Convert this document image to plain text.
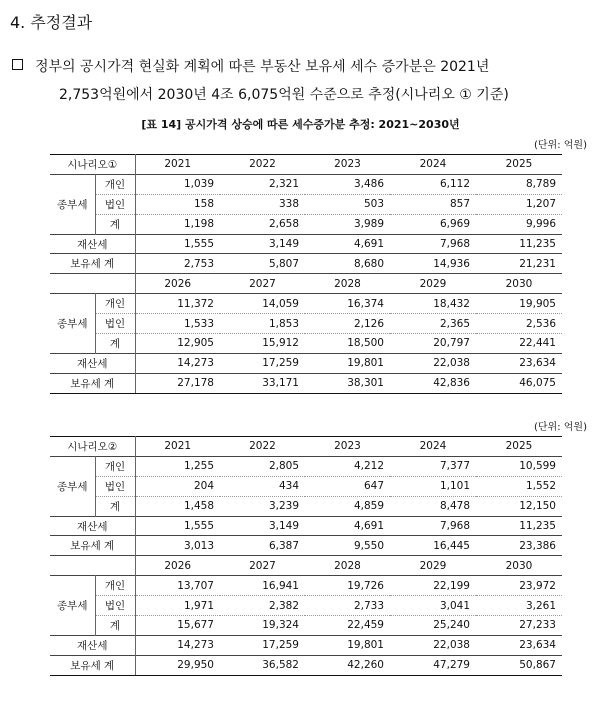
4. 추정결과
정부의 공시가격 현실화 계획에 따른 부동산 보유세 세수 증가분은 2021년
2,753억원에서 2030년 4조 6,075억원 수준으로 추정(시나리오 ① 기준)
[표 14] 공시가격 상승에 따른 세수증가분 추정: 2021~2030년
(단위: 억원)
시나리오①		2021	2022	2023	2024	2025
종부세	개인	1,039	2,321	3,486	6,112	8,789
	법인	158	338	503	857	1,207
	계	1,198	2,658	3,989	6,969	9,996
재산세		1,555	3,149	4,691	7,968	11,235
보유세 계		2,753	5,807	8,680	14,936	21,231
		2026	2027	2028	2029	2030
종부세	개인	11,372	14,059	16,374	18,432	19,905
	법인	1,533	1,853	2,126	2,365	2,536
	계	12,905	15,912	18,500	20,797	22,441
재산세		14,273	17,259	19,801	22,038	23,634
보유세 계		27,178	33,171	38,301	42,836	46,075
(단위: 억원)
시나리오②		2021	2022	2023	2024	2025
종부세	개인	1,255	2,805	4,212	7,377	10,599
	법인	204	434	647	1,101	1,552
	계	1,458	3,239	4,859	8,478	12,150
재산세		1,555	3,149	4,691	7,968	11,235
보유세 계		3,013	6,387	9,550	16,445	23,386
		2026	2027	2028	2029	2030
종부세	개인	13,707	16,941	19,726	22,199	23,972
	법인	1,971	2,382	2,733	3,041	3,261
	계	15,677	19,324	22,459	25,240	27,233
재산세		14,273	17,259	19,801	22,038	23,634
보유세 계		29,950	36,582	42,260	47,279	50,867
